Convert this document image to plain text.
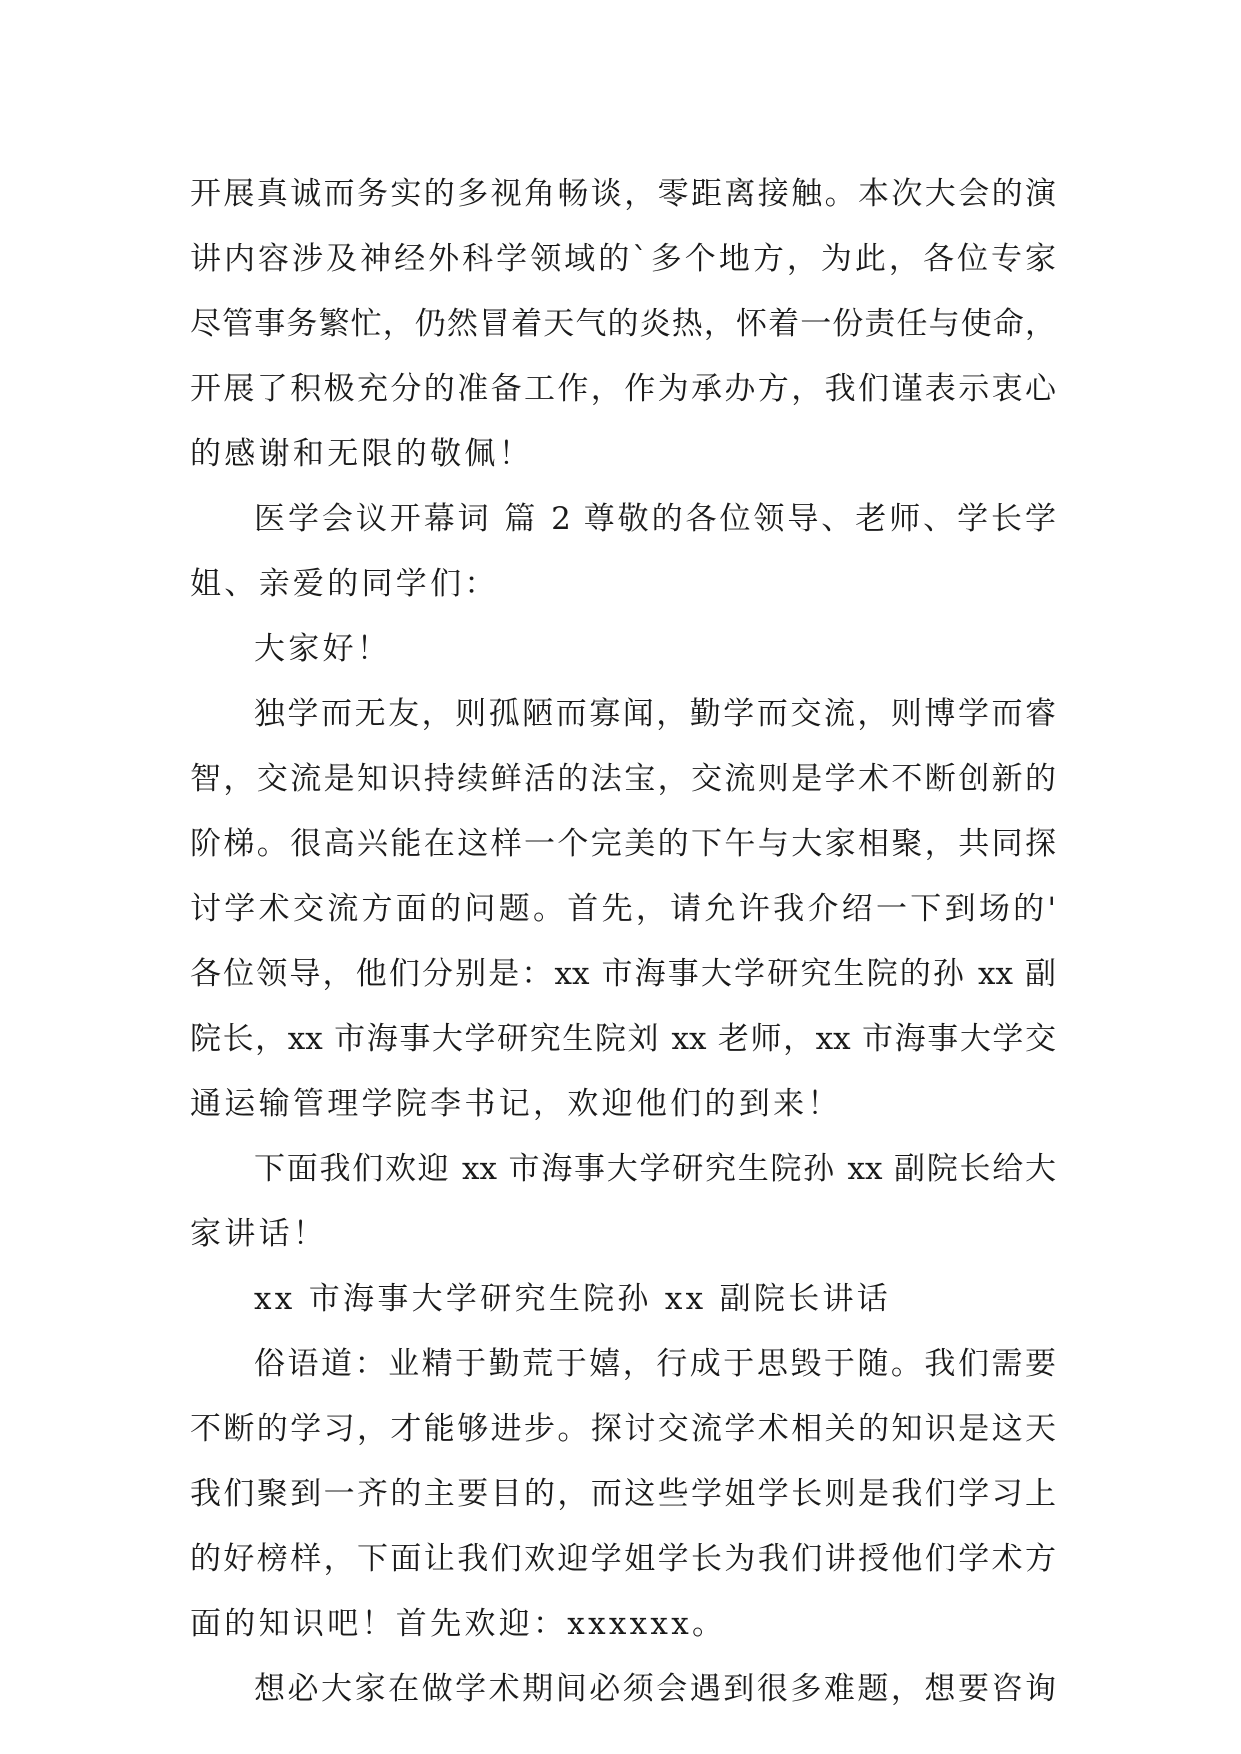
开展真诚而务实的多视角畅谈，零距离接触。本次大会的演
讲内容涉及神经外科学领域的`多个地方，为此，各位专家
尽管事务繁忙，仍然冒着天气的炎热，怀着一份责任与使命，
开展了积极充分的准备工作，作为承办方，我们谨表示衷心
的感谢和无限的敬佩！
医学会议开幕词 篇 2 尊敬的各位领导、老师、学长学
姐、亲爱的同学们：
大家好！
独学而无友，则孤陋而寡闻，勤学而交流，则博学而睿
智，交流是知识持续鲜活的法宝，交流则是学术不断创新的
阶梯。很高兴能在这样一个完美的下午与大家相聚，共同探
讨学术交流方面的问题。首先，请允许我介绍一下到场的'
各位领导，他们分别是：xx 市海事大学研究生院的孙 xx 副
院长，xx 市海事大学研究生院刘 xx 老师，xx 市海事大学交
通运输管理学院李书记，欢迎他们的到来！
下面我们欢迎 xx 市海事大学研究生院孙 xx 副院长给大
家讲话！
xx 市海事大学研究生院孙 xx 副院长讲话
俗语道：业精于勤荒于嬉，行成于思毁于随。我们需要
不断的学习，才能够进步。探讨交流学术相关的知识是这天
我们聚到一齐的主要目的，而这些学姐学长则是我们学习上
的好榜样，下面让我们欢迎学姐学长为我们讲授他们学术方
面的知识吧！首先欢迎：xxxxxx。
想必大家在做学术期间必须会遇到很多难题，想要咨询
